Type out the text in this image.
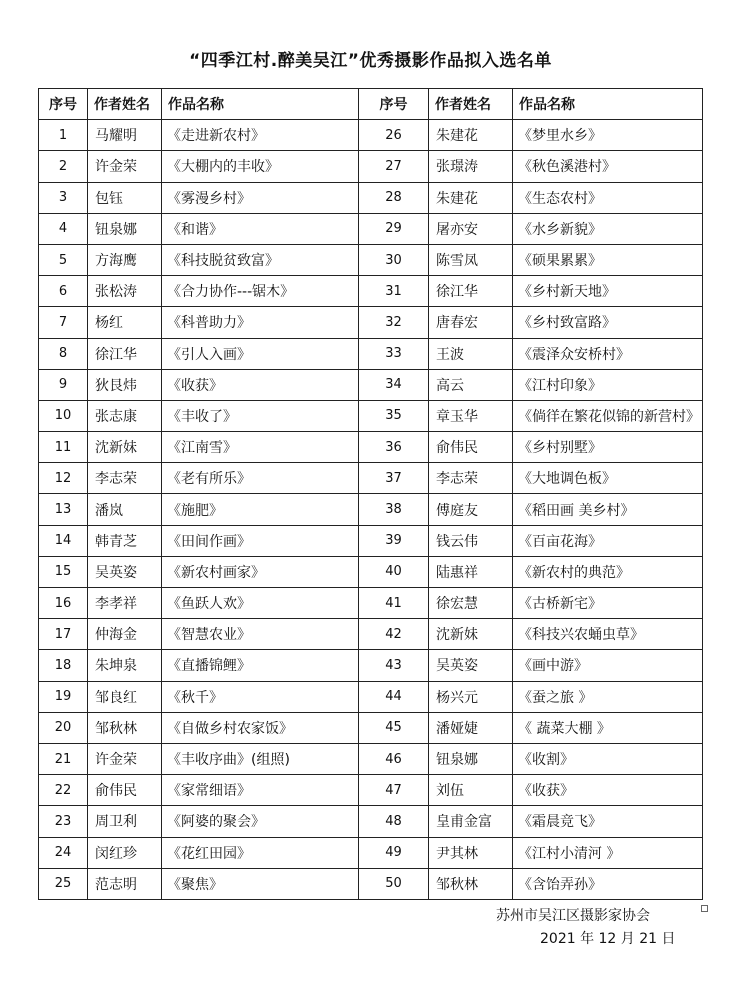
“四季江村.醉美吴江”优秀摄影作品拟入选名单
序号	作者姓名	作品名称	序号	作者姓名	作品名称
1	马耀明	《走进新农村》	26	朱建花	《梦里水乡》
2	许金荣	《大棚内的丰收》	27	张璟涛	《秋色溪港村》
3	包钰	《雾漫乡村》	28	朱建花	《生态农村》
4	钮泉娜	《和谐》	29	屠亦安	《水乡新貌》
5	方海鹰	《科技脱贫致富》	30	陈雪凤	《硕果累累》
6	张松涛	《合力协作---锯木》	31	徐江华	《乡村新天地》
7	杨红	《科普助力》	32	唐春宏	《乡村致富路》
8	徐江华	《引人入画》	33	王波	《震泽众安桥村》
9	狄艮炜	《收获》	34	高云	《江村印象》
10	张志康	《丰收了》	35	章玉华	《倘徉在繁花似锦的新营村》
11	沈新妹	《江南雪》	36	俞伟民	《乡村别墅》
12	李志荣	《老有所乐》	37	李志荣	《大地调色板》
13	潘岚	《施肥》	38	傅庭友	《稻田画 美乡村》
14	韩青芝	《田间作画》	39	钱云伟	《百亩花海》
15	吴英姿	《新农村画家》	40	陆惠祥	《新农村的典范》
16	李孝祥	《鱼跃人欢》	41	徐宏慧	《古桥新宅》
17	仲海金	《智慧农业》	42	沈新妹	《科技兴农蛹虫草》
18	朱坤泉	《直播锦鲤》	43	吴英姿	《画中游》
19	邹良红	《秋千》	44	杨兴元	《蚕之旅 》
20	邹秋林	《自做乡村农家饭》	45	潘娅婕	《 蔬菜大棚 》
21	许金荣	《丰收序曲》(组照)	46	钮泉娜	《收割》
22	俞伟民	《家常细语》	47	刘伍	《收获》
23	周卫利	《阿婆的聚会》	48	皇甫金富	《霜晨竞飞》
24	闵红珍	《花红田园》	49	尹其林	《江村小清河 》
25	范志明	《聚焦》	50	邹秋林	《含饴弄孙》
苏州市吴江区摄影家协会
2021 年 12 月 21 日
